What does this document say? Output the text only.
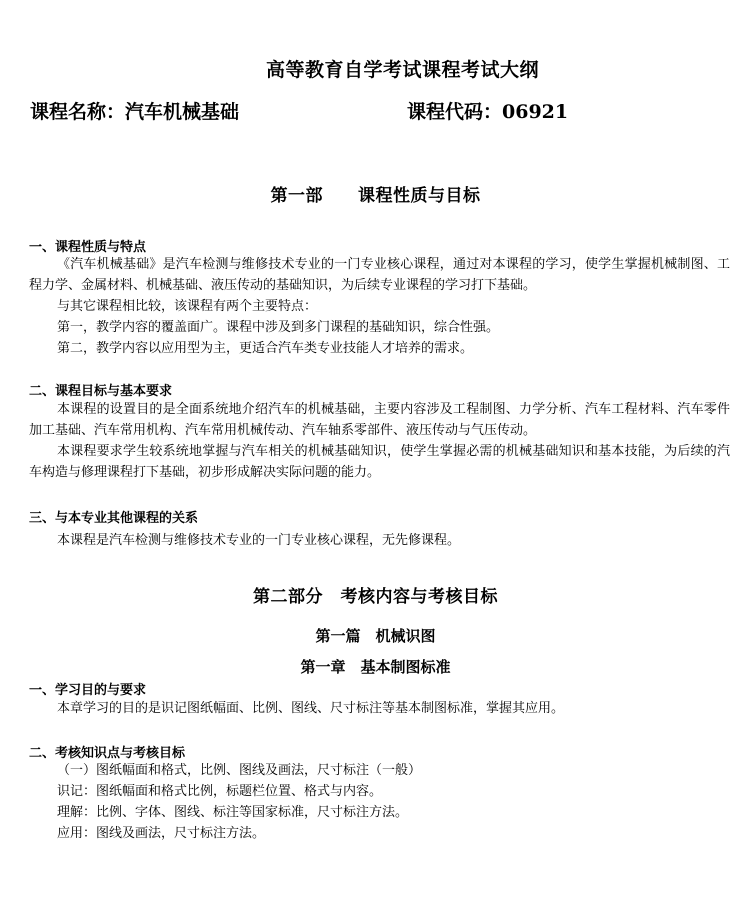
高等教育自学考试课程考试大纲
课程名称：汽车机械基础	课程代码：06921
第一部　　课程性质与目标
一、课程性质与特点
《汽车机械基础》是汽车检测与维修技术专业的一门专业核心课程，通过对本课程的学习，使学生掌握机械制图、工程力学、金属材料、机械基础、液压传动的基础知识，为后续专业课程的学习打下基础。
与其它课程相比较，该课程有两个主要特点：
第一，教学内容的覆盖面广。课程中涉及到多门课程的基础知识，综合性强。
第二，教学内容以应用型为主，更适合汽车类专业技能人才培养的需求。
二、课程目标与基本要求
本课程的设置目的是全面系统地介绍汽车的机械基础，主要内容涉及工程制图、力学分析、汽车工程材料、汽车零件加工基础、汽车常用机构、汽车常用机械传动、汽车轴系零部件、液压传动与气压传动。
本课程要求学生较系统地掌握与汽车相关的机械基础知识，使学生掌握必需的机械基础知识和基本技能，为后续的汽车构造与修理课程打下基础，初步形成解决实际问题的能力。
三、与本专业其他课程的关系
本课程是汽车检测与维修技术专业的一门专业核心课程，无先修课程。
第二部分　考核内容与考核目标
第一篇　机械识图
第一章　基本制图标准
一、学习目的与要求
本章学习的目的是识记图纸幅面、比例、图线、尺寸标注等基本制图标准，掌握其应用。
二、考核知识点与考核目标
（一）图纸幅面和格式，比例、图线及画法，尺寸标注（一般）
识记：图纸幅面和格式比例，标题栏位置、格式与内容。
理解：比例、字体、图线、标注等国家标准，尺寸标注方法。
应用：图线及画法，尺寸标注方法。
